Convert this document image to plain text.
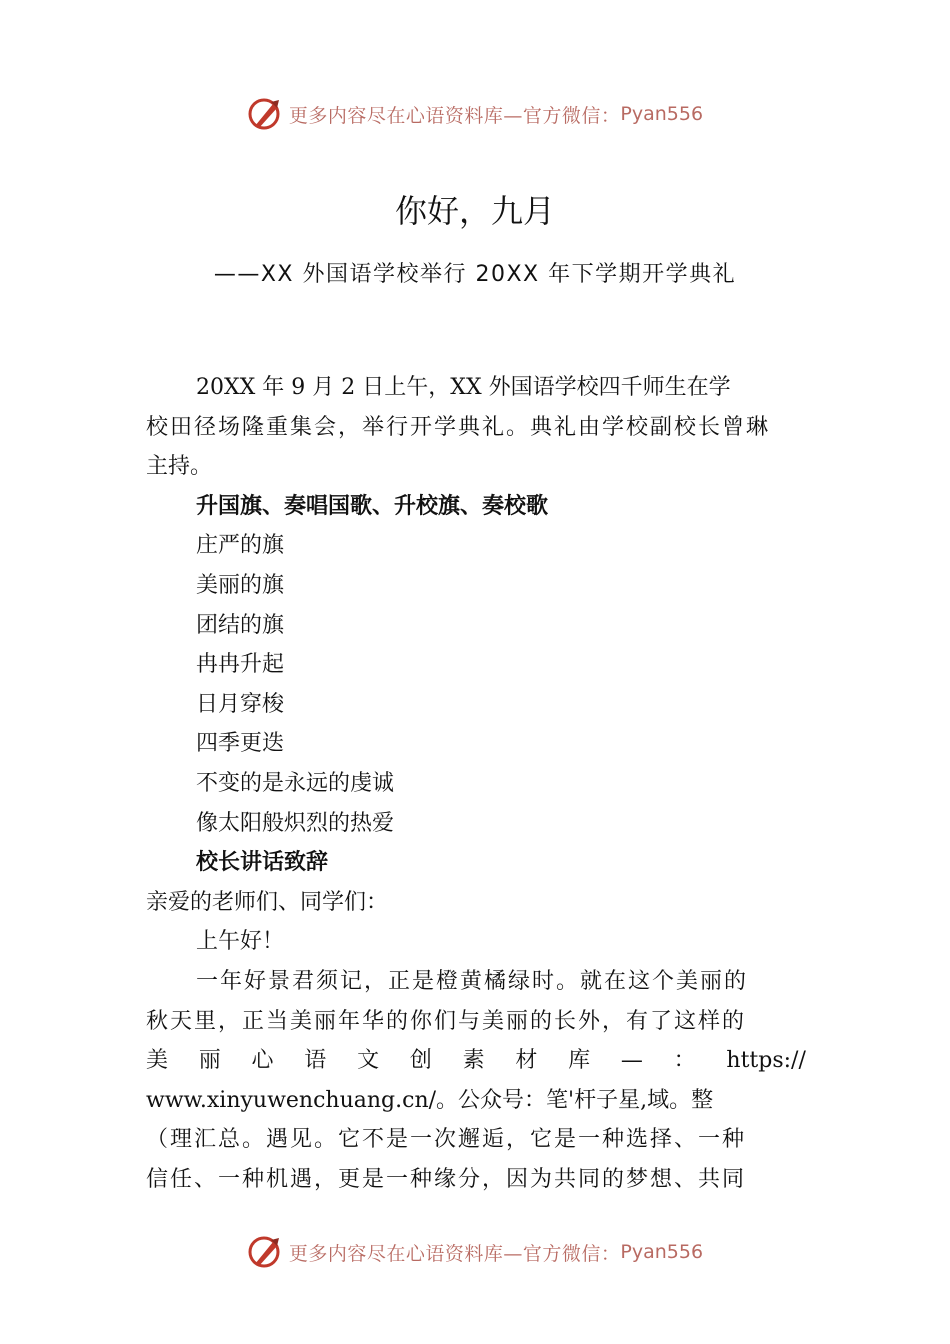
更多内容尽在心语资料库—官方微信： Pyan556
你好，九月
——XX 外国语学校举行 20XX 年下学期开学典礼
20XX 年 9 月 2 日上午，XX 外国语学校四千师生在学
校田径场隆重集会，举行开学典礼。典礼由学校副校长曾琳
主持。
升国旗、奏唱国歌、升校旗、奏校歌
庄严的旗
美丽的旗
团结的旗
冉冉升起
日月穿梭
四季更迭
不变的是永远的虔诚
像太阳般炽烈的热爱
校长讲话致辞
亲爱的老师们、同学们：
上午好！
一年好景君须记，正是橙黄橘绿时。就在这个美丽的
秋天里，正当美丽年华的你们与美丽的长外，有了这样的
美 丽 心 语 文 创 素 材 库 — ： https://
www.xinyuwenchuang.cn/。公众号：笔'杆子星,域。整
（理汇总。遇见。它不是一次邂逅，它是一种选择、一种
信任、一种机遇，更是一种缘分，因为共同的梦想、共同
更多内容尽在心语资料库—官方微信： Pyan556
